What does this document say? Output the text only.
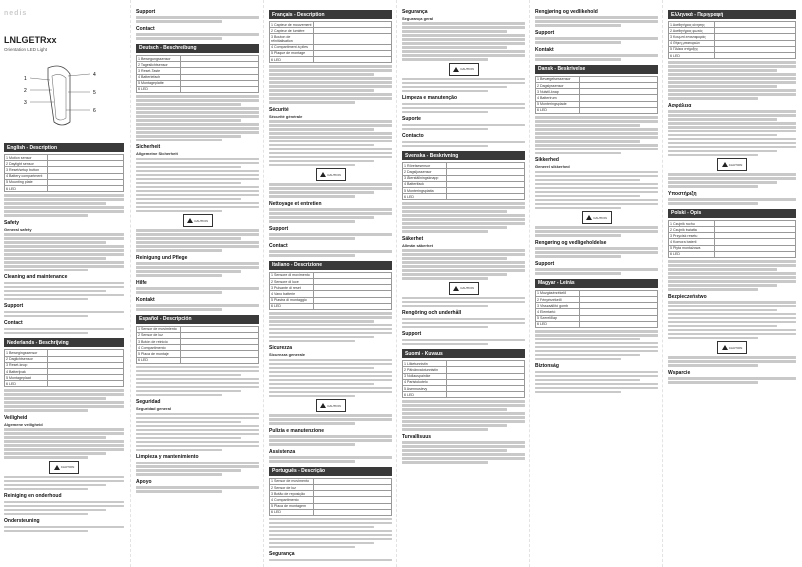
nedis
LNLGETRxx
Orientation LED Light
1
2
3
4
5
6
English - Description
1 Motion sensor	
2 Daylight sensor	
3 Reset/setup button	
4 Battery compartment	
5 Mounting plate	
6 LED	
Safety
General safety
Cleaning and maintenance
Support
Contact
Nederlands - Beschrijving
1 Bewegingssensor	
2 Daglichtsensor	
3 Reset-knop	
4 Batterijvak	
5 Montageplaat	
6 LED	
Veiligheid
Algemene veiligheid
CAUTION
Reiniging en onderhoud
Ondersteuning
Support
Contact
Deutsch - Beschreibung
1 Bewegungssensor	
2 Tageslichtsensor	
3 Reset-Taste	
4 Batteriefach	
5 Montageplatte	
6 LED	
Sicherheit
Allgemeine Sicherheit
CAUTION
Reinigung und Pflege
Hilfe
Kontakt
Español - Descripción
1 Sensor de movimiento	
2 Sensor de luz	
3 Botón de reinicio	
4 Compartimento	
5 Placa de montaje	
6 LED	
Seguridad
Seguridad general
Limpieza y mantenimiento
Apoyo
Français - Description
1 Capteur de mouvement	
2 Capteur de lumière	
3 Bouton de réinitialisation	
4 Compartiment à piles	
5 Plaque de montage	
6 LED	
Sécurité
Sécurité générale
CAUTION
Nettoyage et entretien
Support
Contact
Italiano - Descrizione
1 Sensore di movimento	
2 Sensore di luce	
3 Pulsante di reset	
4 Vano batterie	
5 Piastra di montaggio	
6 LED	
Sicurezza
Sicurezza generale
CAUTION
Pulizia e manutenzione
Assistenza
Português - Descrição
1 Sensor de movimento	
2 Sensor de luz	
3 Botão de reposição	
4 Compartimento	
5 Placa de montagem	
6 LED	
Segurança
Segurança
Segurança geral
CAUTION
Limpeza e manutenção
Suporte
Contacto
Svenska - Beskrivning
1 Rörelsesensor	
2 Dagsljussensor	
3 Återställningsknapp	
4 Batterifack	
5 Monteringsplatta	
6 LED	
Säkerhet
Allmän säkerhet
CAUTION
Rengöring och underhåll
Support
Suomi - Kuvaus
1 Liiketunnistin	
2 Päivänvalotunnistin	
3 Nollauspainike	
4 Paristokotelo	
5 Asennuslevy	
6 LED	
Turvallisuus
Rengjøring og vedlikehold
Support
Kontakt
Dansk - Beskrivelse
1 Bevægelsessensor	
2 Dagslyssensor	
3 Nulstil-knap	
4 Batterirum	
5 Monteringsplade	
6 LED	
Sikkerhed
Generel sikkerhed
CAUTION
Rengøring og vedligeholdelse
Support
Magyar - Leírás
1 Mozgásérzékelő	
2 Fényérzékelő	
3 Visszaállító gomb	
4 Elemtartó	
5 Szerelőlap	
6 LED	
Biztonság
Ελληνικά - Περιγραφή
1 Αισθητήρας κίνησης	
2 Αισθητήρας φωτός	
3 Κουμπί επαναφοράς	
4 Θήκη μπαταριών	
5 Πλάκα στήριξης	
6 LED	
Ασφάλεια
CAUTION
Υποστήριξη
Polski - Opis
1 Czujnik ruchu	
2 Czujnik światła	
3 Przycisk resetu	
4 Komora baterii	
5 Płyta montażowa	
6 LED	
Bezpieczeństwo
CAUTION
Wsparcie
